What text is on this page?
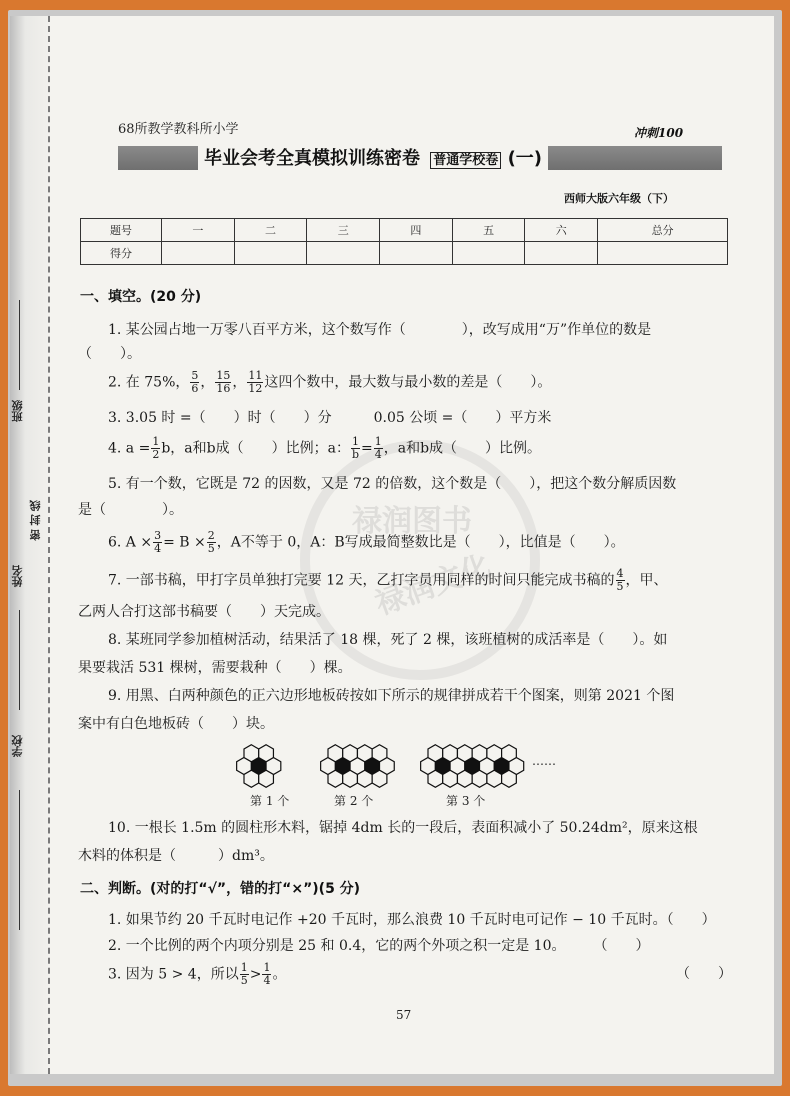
班级
姓名
密 封 线
学校
禄润图书
禄润文化
68所教学教科所小学	冲刺100
毕业会考全真模拟训练密卷 普通学校卷 (一)
西师大版六年级（下）
题号	一	二	三	四	五	六	总分
得分							
一、填空。(20 分)
1. 某公园占地一万零八百平方米，这个数写作（　　　　），改写成用“万”作单位的数是
（　　）。
2. 在 75%， $\frac{5}{6}$ ， $\frac{15}{16}$ ， $\frac{11}{12}$ 这四个数中，最大数与最小数的差是（　　）。
3. 3.05 时 =（　　）时（　　）分　　　0.05 公顷 =（　　）平方米
4. $a = \frac{1}{2}$ b，a和b成（　　）比例；a： $\frac{1}{b} = \frac{1}{4}$ ，a和b成（　　）比例。
5. 有一个数，它既是 72 的因数，又是 72 的倍数，这个数是（　　），把这个数分解质因数
是（　　　　）。
6. $A \times \frac{3}{4} = B \times \frac{2}{5}$ ，A不等于 0，A：B写成最简整数比是（　　），比值是（　　）。
7. 一部书稿，甲打字员单独打完要 12 天，乙打字员用同样的时间只能完成书稿的 $\frac{4}{5}$ ，甲、
乙两人合打这部书稿要（　　）天完成。
8. 某班同学参加植树活动，结果活了 18 棵，死了 2 棵，该班植树的成活率是（　　）。如
果要栽活 531 棵树，需要栽种（　　）棵。
9. 用黑、白两种颜色的正六边形地板砖按如下所示的规律拼成若干个图案，则第 2021 个图
案中有白色地板砖（　　）块。
第 1 个	第 2 个	第 3 个
……
10. 一根长 1.5m 的圆柱形木料，锯掉 4dm 长的一段后，表面积减小了 50.24dm²，原来这根
木料的体积是（　　　）dm³。
二、判断。(对的打“√”，错的打“×”)(5 分)
1. 如果节约 20 千瓦时电记作 +20 千瓦时，那么浪费 10 千瓦时电可记作 − 10 千瓦时。（　　）
2. 一个比例的两个内项分别是 25 和 0.4，它的两个外项之积一定是 10。　　　（　　）
3. 因为 5 > 4，所以 $\frac{1}{5} > \frac{1}{4}$ 。	（　　）
57
